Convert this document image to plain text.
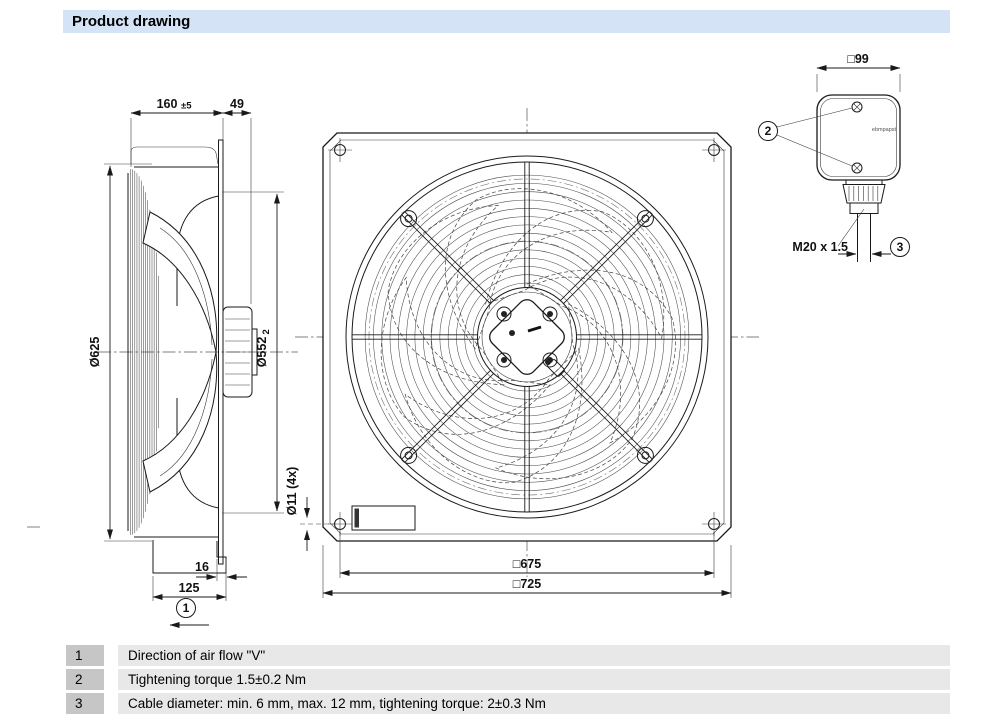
Product drawing
Ø625
160 ±5	49
Ø552
2
16
125
1
Ø11 (4x)
□675
□725
□99
ebmpapst
2
M20 x 1.5	3
1	Direction of air flow "V"
2	Tightening torque 1.5±0.2 Nm
3	Cable diameter: min. 6 mm, max. 12 mm, tightening torque: 2±0.3 Nm
